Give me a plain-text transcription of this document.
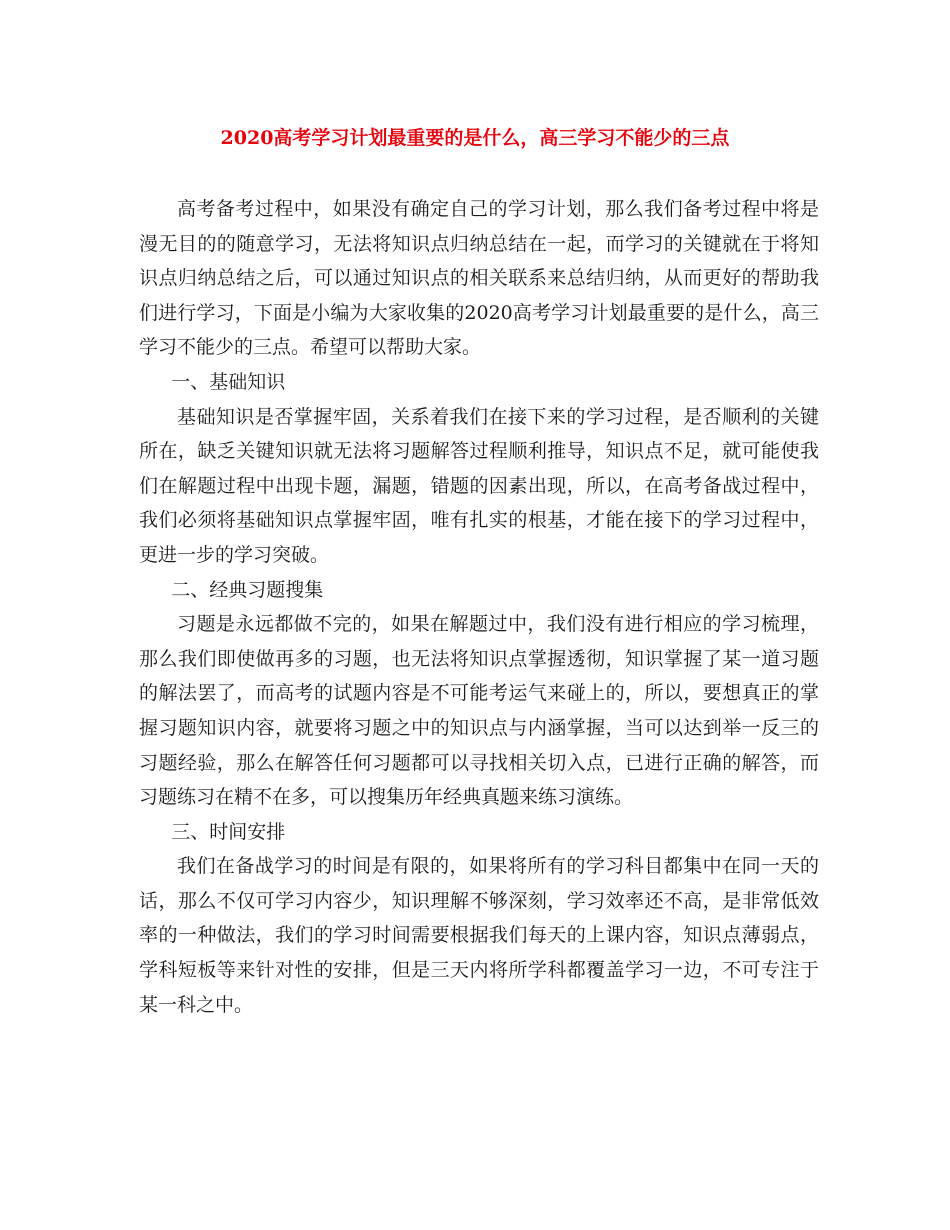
2020高考学习计划最重要的是什么，高三学习不能少的三点

高考备考过程中，如果没有确定自己的学习计划，那么我们备考过程中将是漫无目的的随意学习，无法将知识点归纳总结在一起，而学习的关键就在于将知识点归纳总结之后，可以通过知识点的相关联系来总结归纳，从而更好的帮助我们进行学习，下面是小编为大家收集的2020高考学习计划最重要的是什么，高三学习不能少的三点。希望可以帮助大家。

一、基础知识

基础知识是否掌握牢固，关系着我们在接下来的学习过程，是否顺利的关键所在，缺乏关键知识就无法将习题解答过程顺利推导，知识点不足，就可能使我们在解题过程中出现卡题，漏题，错题的因素出现，所以，在高考备战过程中，我们必须将基础知识点掌握牢固，唯有扎实的根基，才能在接下的学习过程中，更进一步的学习突破。

二、经典习题搜集

习题是永远都做不完的，如果在解题过中，我们没有进行相应的学习梳理，那么我们即使做再多的习题，也无法将知识点掌握透彻，知识掌握了某一道习题的解法罢了，而高考的试题内容是不可能考运气来碰上的，所以，要想真正的掌握习题知识内容，就要将习题之中的知识点与内涵掌握，当可以达到举一反三的习题经验，那么在解答任何习题都可以寻找相关切入点，已进行正确的解答，而习题练习在精不在多，可以搜集历年经典真题来练习演练。

三、时间安排

我们在备战学习的时间是有限的，如果将所有的学习科目都集中在同一天的话，那么不仅可学习内容少，知识理解不够深刻，学习效率还不高，是非常低效率的一种做法，我们的学习时间需要根据我们每天的上课内容，知识点薄弱点，学科短板等来针对性的安排，但是三天内将所学科都覆盖学习一边，不可专注于某一科之中。
